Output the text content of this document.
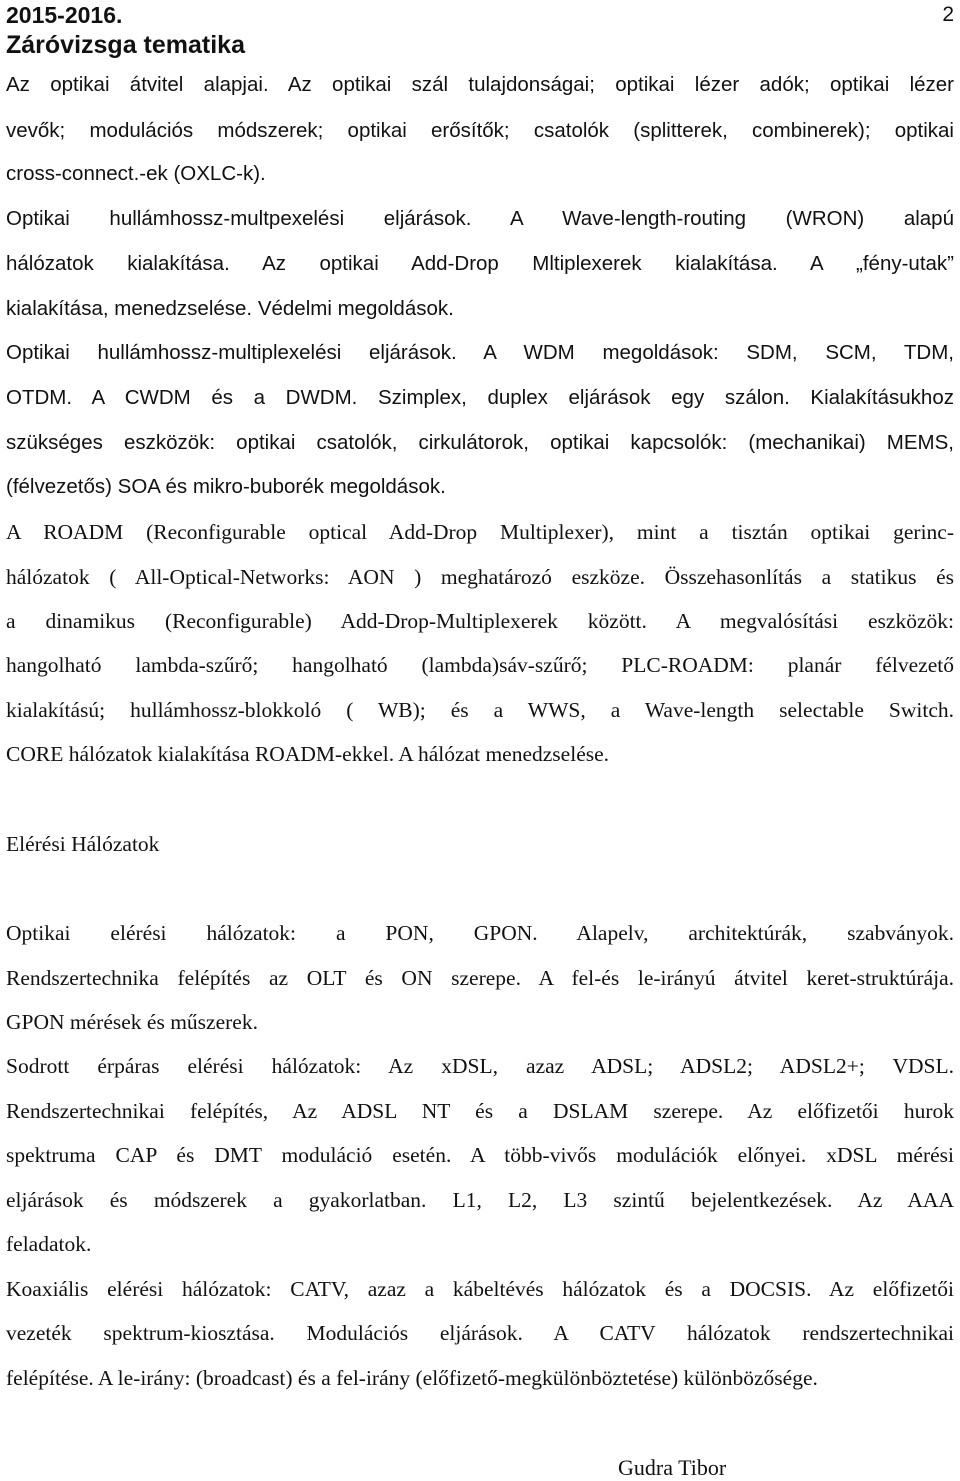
2015-2016.	2
Záróvizsga tematika
Az optikai átvitel alapjai. Az optikai szál tulajdonságai; optikai lézer adók; optikai lézer
vevők; modulációs módszerek; optikai erősítők; csatolók (splitterek, combinerek); optikai
cross-connect.-ek (OXLC-k).
Optikai hullámhossz-multpexelési eljárások. A Wave-length-routing (WRON) alapú
hálózatok kialakítása. Az optikai Add-Drop Mltiplexerek kialakítása. A „fény-utak”
kialakítása, menedzselése. Védelmi megoldások.
Optikai hullámhossz-multiplexelési eljárások. A WDM megoldások: SDM, SCM, TDM,
OTDM. A CWDM és a DWDM. Szimplex, duplex eljárások egy szálon. Kialakításukhoz
szükséges eszközök: optikai csatolók, cirkulátorok, optikai kapcsolók: (mechanikai) MEMS,
(félvezetős) SOA és mikro-buborék megoldások.
A ROADM (Reconfigurable optical Add-Drop Multiplexer), mint a tisztán optikai gerinc-
hálózatok ( All-Optical-Networks: AON ) meghatározó eszköze. Összehasonlítás a statikus és
a dinamikus (Reconfigurable) Add-Drop-Multiplexerek között. A megvalósítási eszközök:
hangolható lambda-szűrő; hangolható (lambda)sáv-szűrő; PLC-ROADM: planár félvezető
kialakítású; hullámhossz-blokkoló ( WB); és a WWS, a Wave-length selectable Switch.
CORE hálózatok kialakítása ROADM-ekkel. A hálózat menedzselése.
Elérési Hálózatok
Optikai elérési hálózatok: a PON, GPON. Alapelv, architektúrák, szabványok.
Rendszertechnika felépítés az OLT és ON szerepe. A fel-és le-irányú átvitel keret-struktúrája.
GPON mérések és műszerek.
Sodrott érpáras elérési hálózatok: Az xDSL, azaz ADSL; ADSL2; ADSL2+; VDSL.
Rendszertechnikai felépítés, Az ADSL NT és a DSLAM szerepe. Az előfizetői hurok
spektruma CAP és DMT moduláció esetén. A több-vivős modulációk előnyei. xDSL mérési
eljárások és módszerek a gyakorlatban. L1, L2, L3 szintű bejelentkezések. Az AAA
feladatok.
Koaxiális elérési hálózatok: CATV, azaz a kábeltévés hálózatok és a DOCSIS. Az előfizetői
vezeték spektrum-kiosztása. Modulációs eljárások. A CATV hálózatok rendszertechnikai
felépítése. A le-irány: (broadcast) és a fel-irány (előfizető-megkülönböztetése) különbözősége.
Gudra Tibor
